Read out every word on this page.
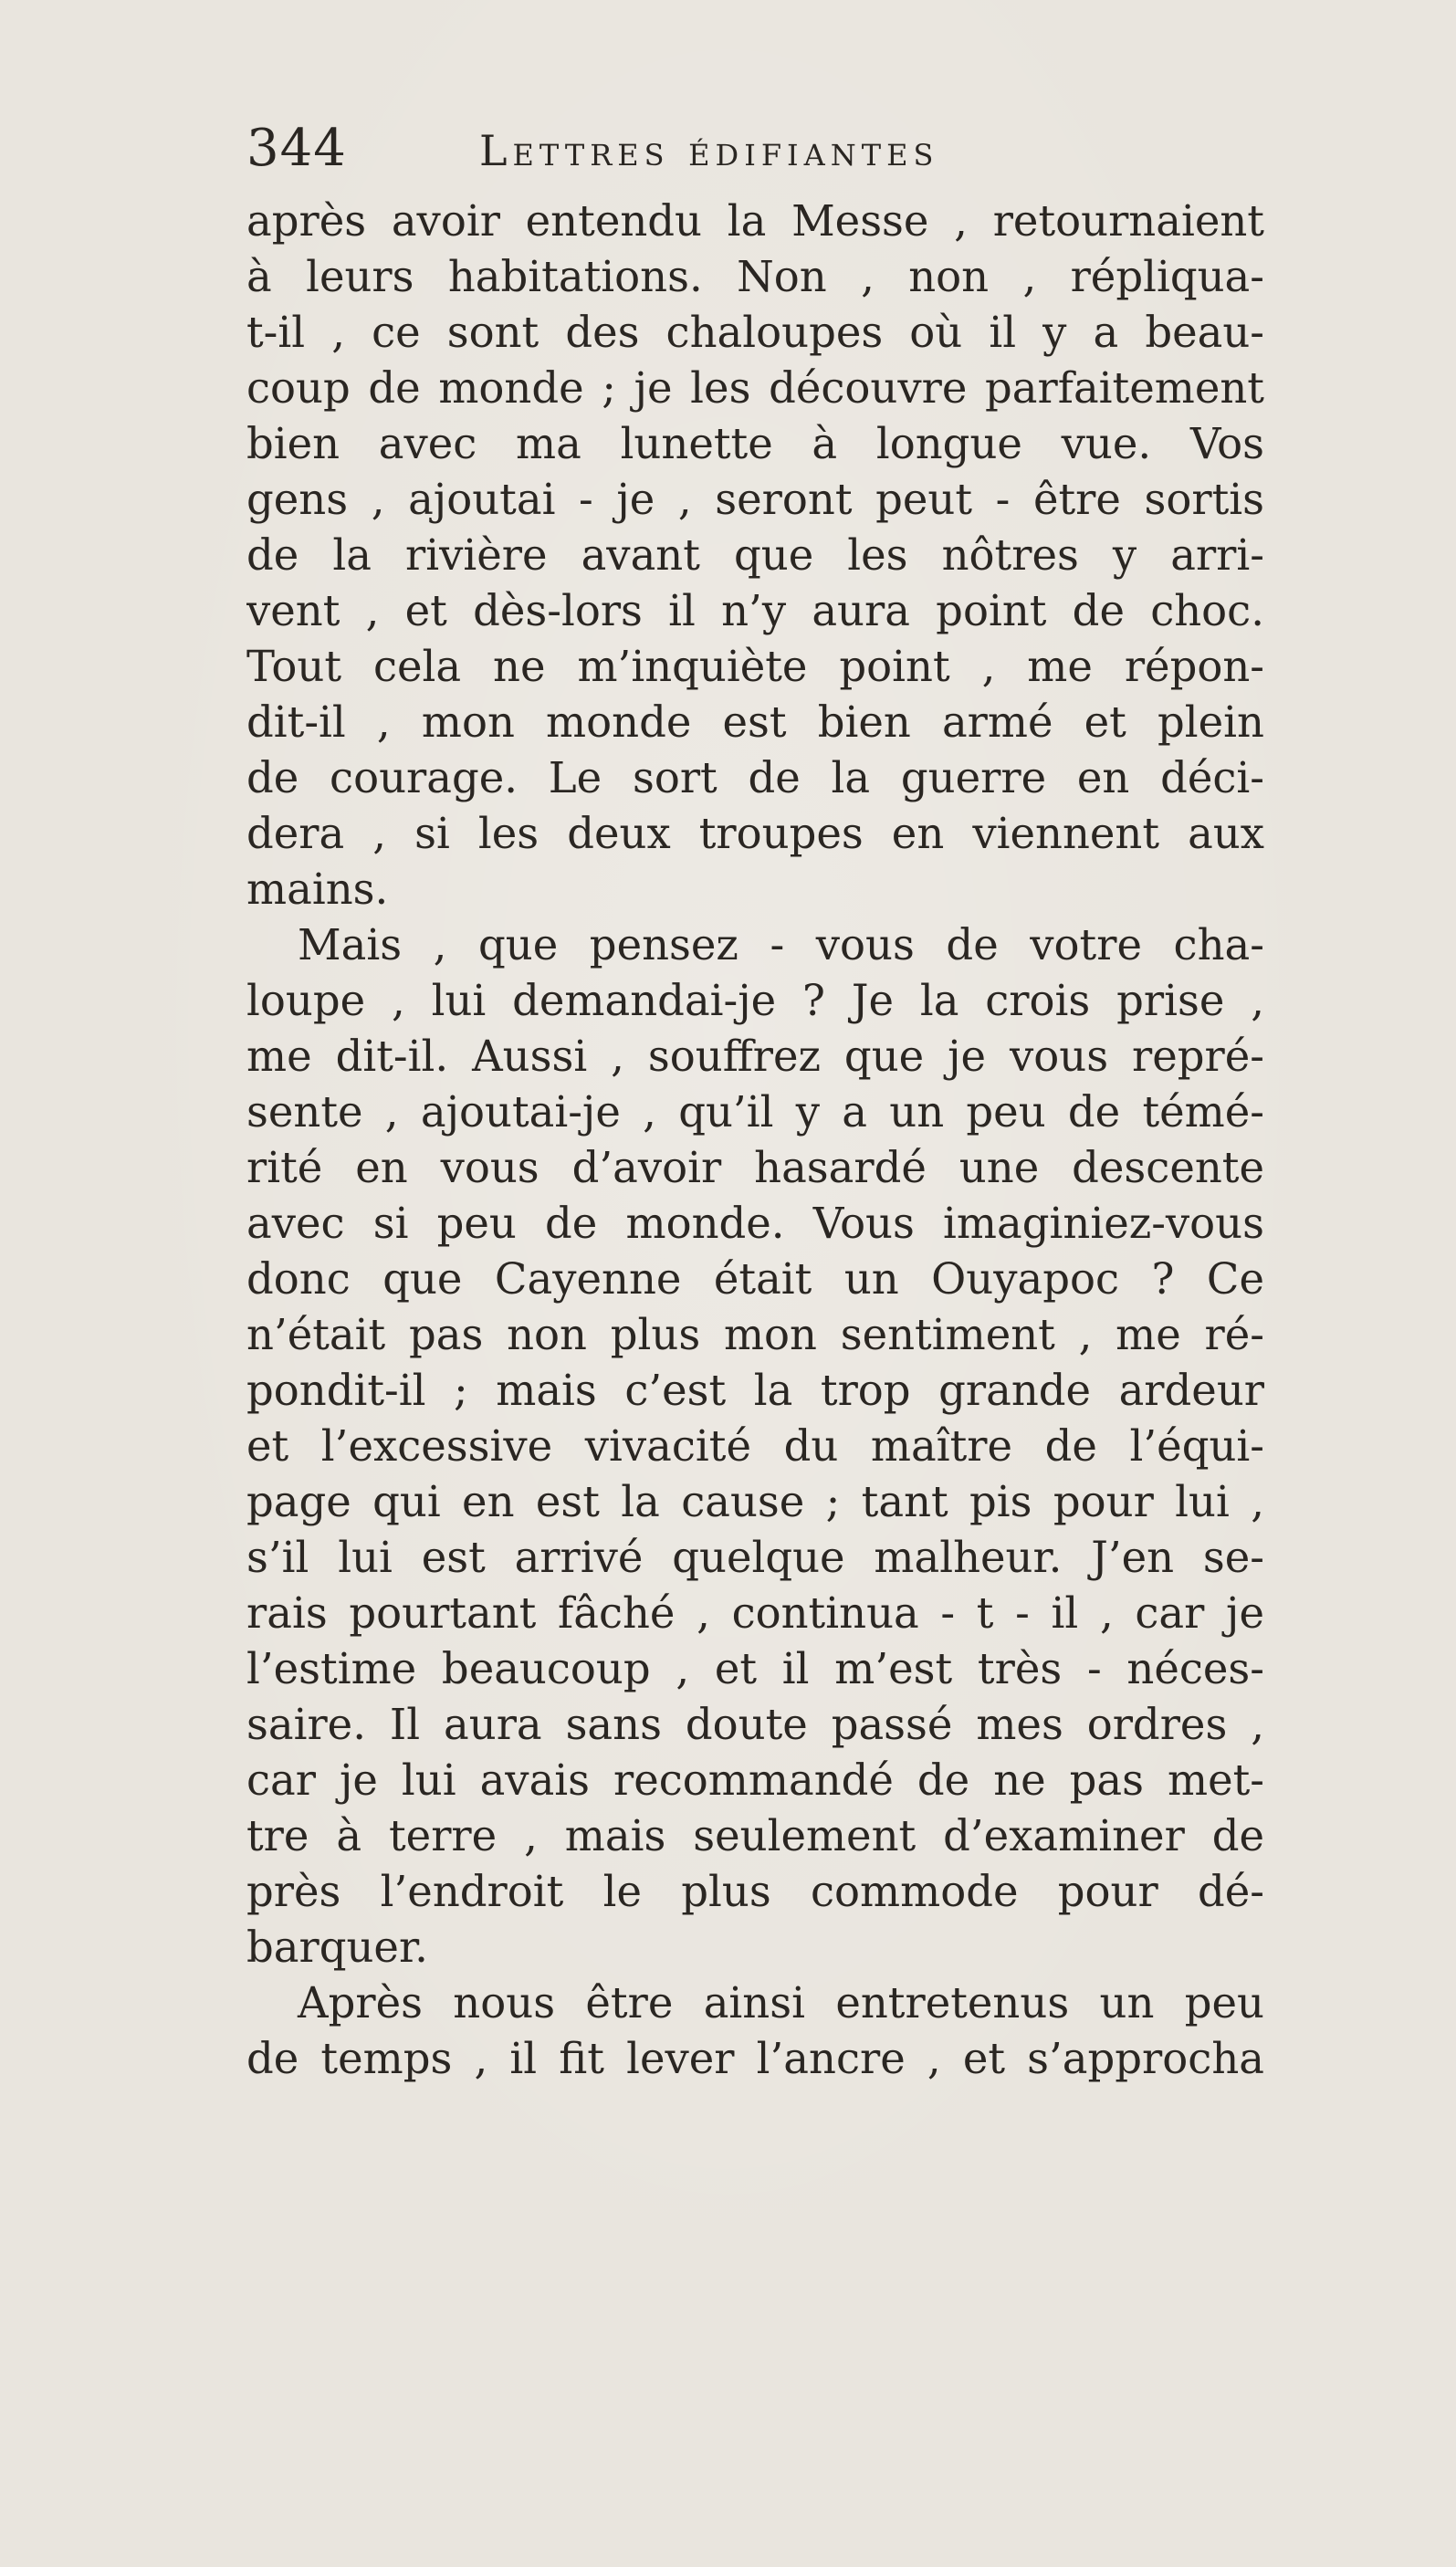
344	Lettres édifiantes
après avoir entendu la Messe , retournaient
à leurs habitations. Non , non , répliqua-
t-il , ce sont des chaloupes où il y a beau-
coup de monde ; je les découvre parfaitement
bien avec ma lunette à longue vue. Vos
gens , ajoutai - je , seront peut - être sortis
de la rivière avant que les nôtres y arri-
vent , et dès-lors il n’y aura point de choc.
Tout cela ne m’inquiète point , me répon-
dit-il , mon monde est bien armé et plein
de courage. Le sort de la guerre en déci-
dera , si les deux troupes en viennent aux
mains.
Mais , que pensez - vous de votre cha-
loupe , lui demandai-je ? Je la crois prise ,
me dit-il. Aussi , souffrez que je vous repré-
sente , ajoutai-je , qu’il y a un peu de témé-
rité en vous d’avoir hasardé une descente
avec si peu de monde. Vous imaginiez-vous
donc que Cayenne était un Ouyapoc ? Ce
n’était pas non plus mon sentiment , me ré-
pondit-il ; mais c’est la trop grande ardeur
et l’excessive vivacité du maître de l’équi-
page qui en est la cause ; tant pis pour lui ,
s’il lui est arrivé quelque malheur. J’en se-
rais pourtant fâché , continua - t - il , car je
l’estime beaucoup , et il m’est très - néces-
saire. Il aura sans doute passé mes ordres ,
car je lui avais recommandé de ne pas met-
tre à terre , mais seulement d’examiner de
près l’endroit le plus commode pour dé-
barquer.
Après nous être ainsi entretenus un peu
de temps , il fit lever l’ancre , et s’approcha
